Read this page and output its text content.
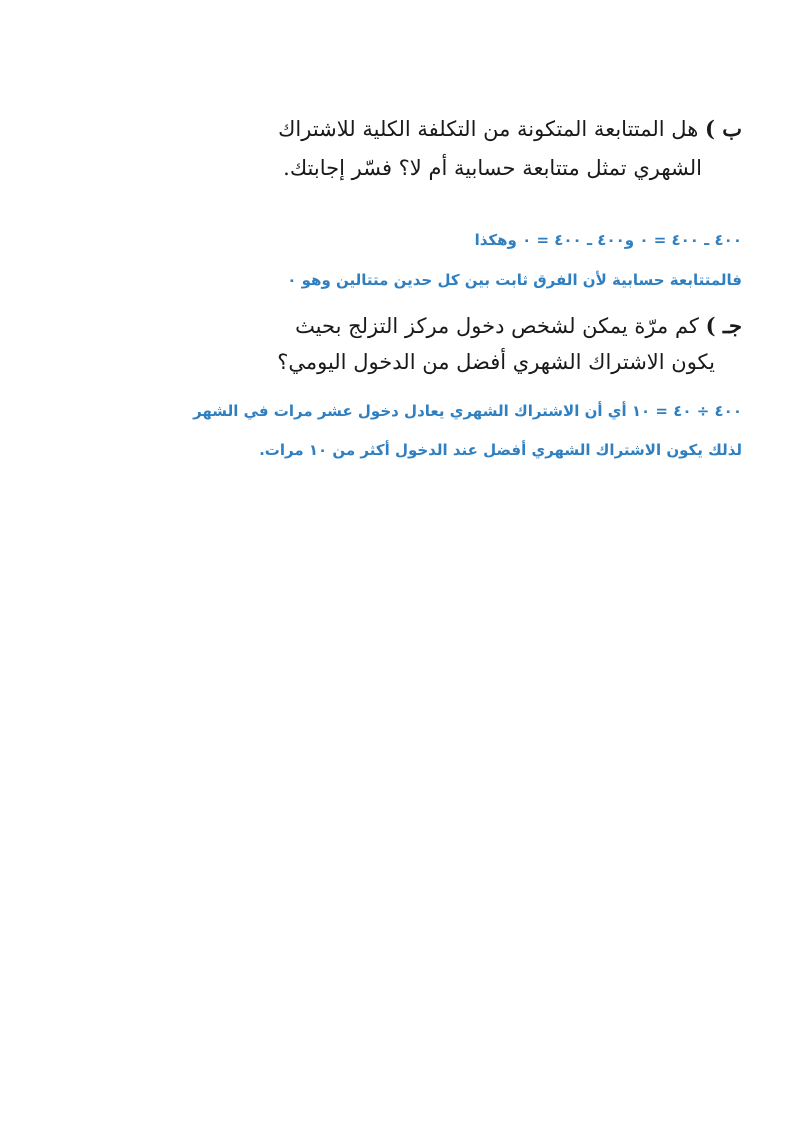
ب ) هل المتتابعة المتكونة من التكلفة الكلية للاشتراك
الشهري تمثل متتابعة حسابية أم لا؟ فسّر إجابتك.
٤٠٠ ـ ٤٠٠ = ٠ و٤٠٠ ـ ٤٠٠ = ٠ وهكذا
فالمتتابعة حسابية لأن الفرق ثابت بين كل حدين متتالين وهو ٠
جـ ) كم مرّة يمكن لشخص دخول مركز التزلج بحيث
يكون الاشتراك الشهري أفضل من الدخول اليومي؟
٤٠٠ ÷ ٤٠ = ١٠ أي أن الاشتراك الشهري يعادل دخول عشر مرات في الشهر
لذلك يكون الاشتراك الشهري أفضل عند الدخول أكثر من ١٠ مرات.
